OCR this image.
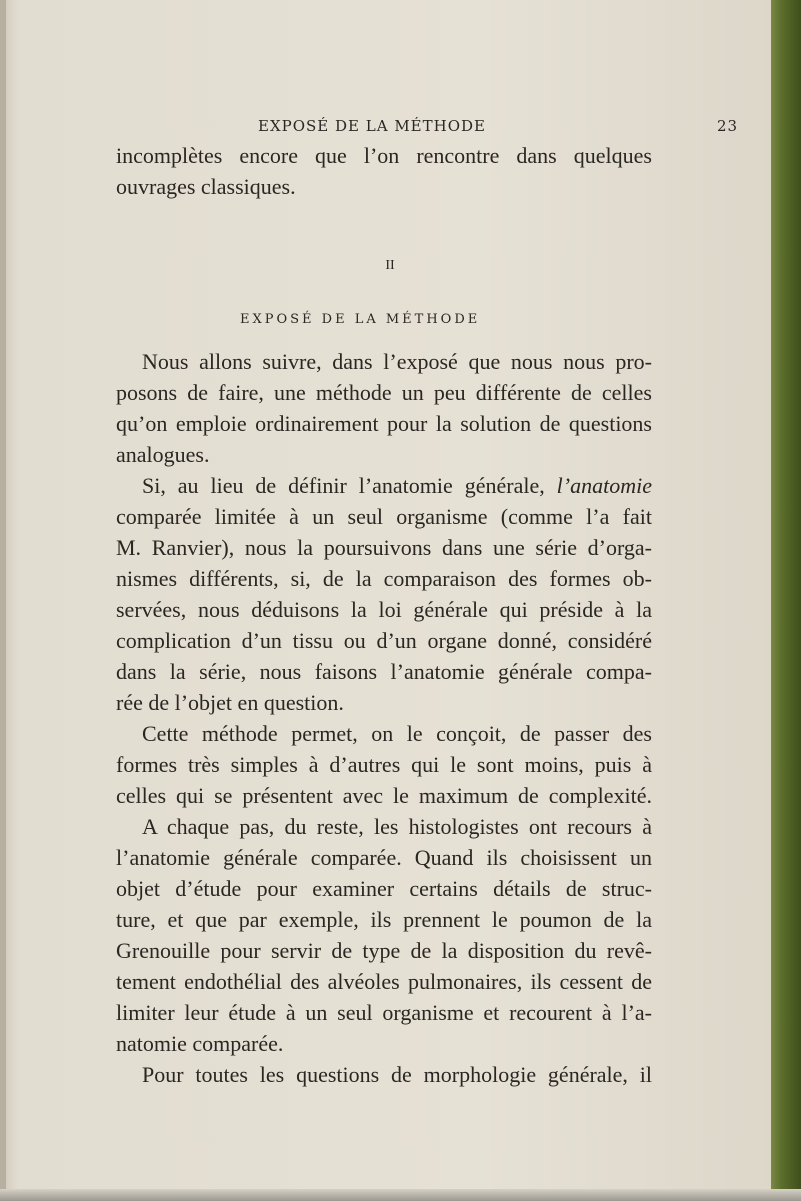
EXPOSÉ DE LA MÉTHODE	23
incomplètes encore que l’on rencontre dans quelques
ouvrages classiques.
II
EXPOSÉ DE LA MÉTHODE
Nous allons suivre, dans l’exposé que nous nous pro-
posons de faire, une méthode un peu différente de celles
qu’on emploie ordinairement pour la solution de questions
analogues.
Si, au lieu de définir l’anatomie générale, l’anatomie
comparée limitée à un seul organisme (comme l’a fait
M. Ranvier), nous la poursuivons dans une série d’orga-
nismes différents, si, de la comparaison des formes ob-
servées, nous déduisons la loi générale qui préside à la
complication d’un tissu ou d’un organe donné, considéré
dans la série, nous faisons l’anatomie générale compa-
rée de l’objet en question.
Cette méthode permet, on le conçoit, de passer des
formes très simples à d’autres qui le sont moins, puis à
celles qui se présentent avec le maximum de complexité.
A chaque pas, du reste, les histologistes ont recours à
l’anatomie générale comparée. Quand ils choisissent un
objet d’étude pour examiner certains détails de struc-
ture, et que par exemple, ils prennent le poumon de la
Grenouille pour servir de type de la disposition du revê-
tement endothélial des alvéoles pulmonaires, ils cessent de
limiter leur étude à un seul organisme et recourent à l’a-
natomie comparée.
Pour toutes les questions de morphologie générale, il
